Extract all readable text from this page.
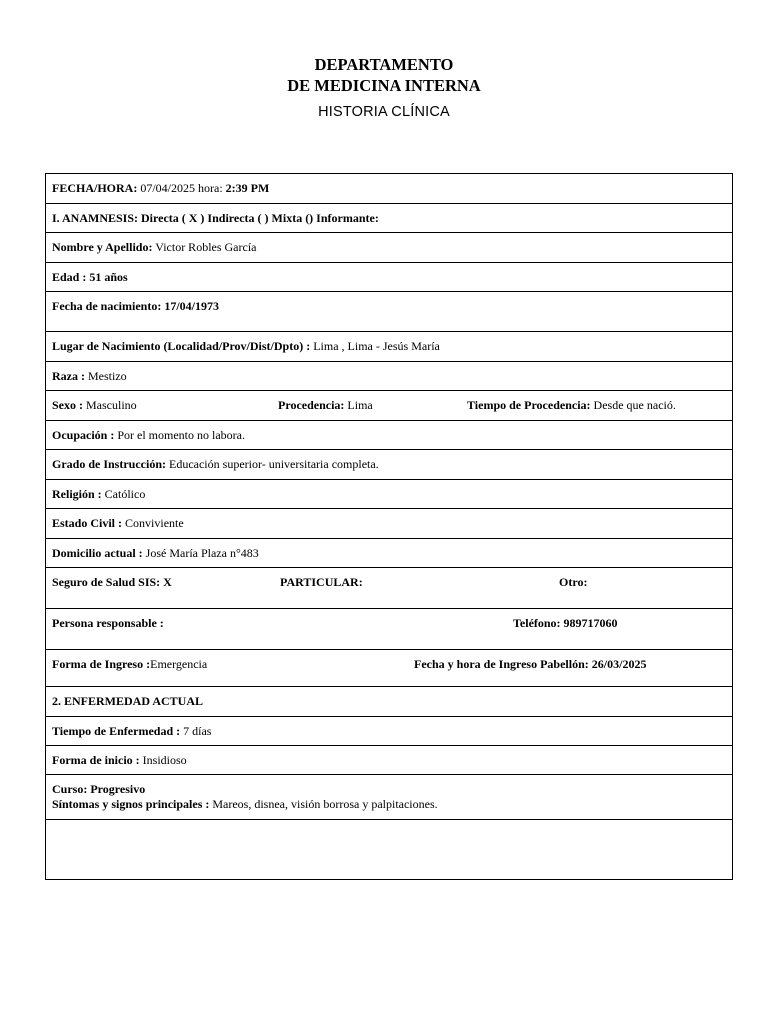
DEPARTAMENTO
DE MEDICINA INTERNA
HISTORIA CLÍNICA
FECHA/HORA: 07/04/2025 hora: 2:39 PM
I. ANAMNESIS: Directa ( X ) Indirecta ( ) Mixta () Informante:
Nombre y Apellido: Victor Robles García
Edad : 51 años
Fecha de nacimiento: 17/04/1973
Lugar de Nacimiento (Localidad/Prov/Dist/Dpto) : Lima , Lima - Jesús María
Raza : Mestizo
Sexo : Masculino	Procedencia: Lima	Tiempo de Procedencia: Desde que nació.
Ocupación : Por el momento no labora.
Grado de Instrucción: Educación superior- universitaria completa.
Religión : Católico
Estado Civil : Conviviente
Domicilio actual : José María Plaza n°483
Seguro de Salud SIS: X	PARTICULAR:	Otro:
Persona responsable :	Teléfono: 989717060
Forma de Ingreso :Emergencia	Fecha y hora de Ingreso Pabellón: 26/03/2025
2. ENFERMEDAD ACTUAL
Tiempo de Enfermedad : 7 días
Forma de inicio : Insidioso
Curso: Progresivo
Síntomas y signos principales : Mareos, disnea, visión borrosa y palpitaciones.
